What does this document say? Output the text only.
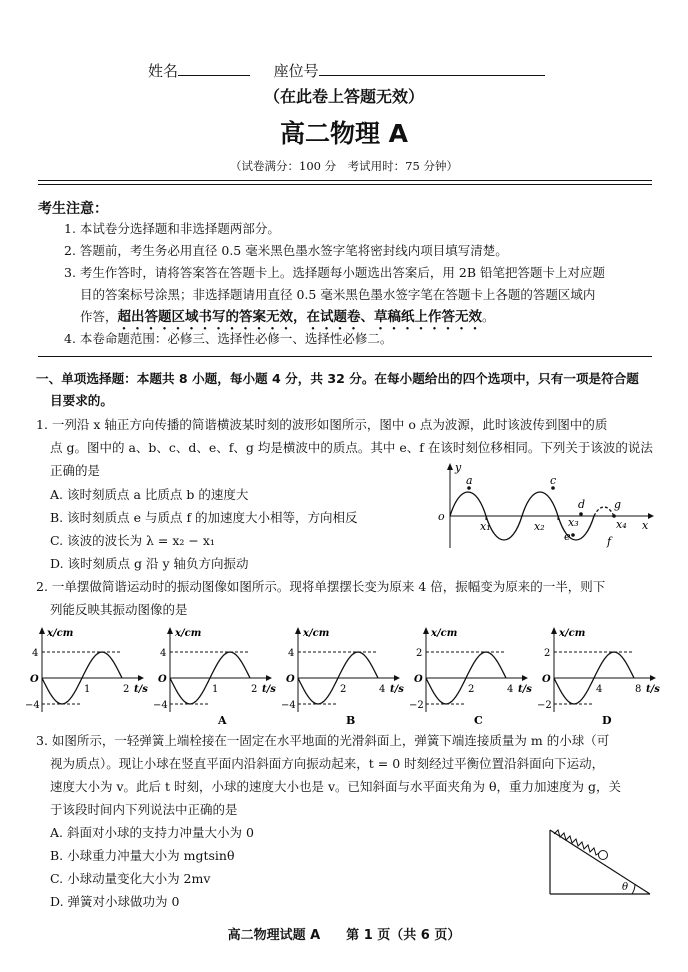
姓名	座位号
（在此卷上答题无效）
高二物理 A
（试卷满分：100 分　考试用时：75 分钟）
考生注意：
1. 本试卷分选择题和非选择题两部分。
2. 答题前，考生务必用直径 0.5 毫米黑色墨水签字笔将密封线内项目填写清楚。
3. 考生作答时，请将答案答在答题卡上。选择题每小题选出答案后，用 2B 铅笔把答题卡上对应题
目的答案标号涂黑；非选择题请用直径 0.5 毫米黑色墨水签字笔在答题卡上各题的答题区域内
作答，超出答题区域书写的答案无效，在试题卷、草稿纸上作答无效。
4. 本卷命题范围：必修三、选择性必修一、选择性必修二。
一、单项选择题：本题共 8 小题，每小题 4 分，共 32 分。在每小题给出的四个选项中，只有一项是符合题
目要求的。
1. 一列沿 x 轴正方向传播的简谐横波某时刻的波形如图所示，图中 o 点为波源，此时该波传到图中的质
点 g。图中的 a、b、c、d、e、f、g 均是横波中的质点。其中 e、f 在该时刻位移相同。下列关于该波的说法
正确的是
A. 该时刻质点 a 比质点 b 的速度大
B. 该时刻质点 e 与质点 f 的加速度大小相等，方向相反
C. 该波的波长为 λ = x₂ − x₁
D. 该时刻质点 g 沿 y 轴负方向振动
y
x
o
a	c
d
e	f
g
x₁	x₂ x₃	x₄
2. 一单摆做简谐运动时的振动图像如图所示。现将单摆摆长变为原来 4 倍，振幅变为原来的一半，则下
列能反映其振动图像的是
x/cm
t/s
O
4
−4
1	2
x/cm
t/s
O
4
−4
1	2
A
x/cm
t/s
O
4
−4
2	4
B
x/cm
t/s
O
2
−2
2	4
C
x/cm
t/s
O
2
−2
4	8
D
3. 如图所示，一轻弹簧上端栓接在一固定在水平地面的光滑斜面上，弹簧下端连接质量为 m 的小球（可
视为质点）。现让小球在竖直平面内沿斜面方向振动起来，t = 0 时刻经过平衡位置沿斜面向下运动，
速度大小为 v。此后 t 时刻，小球的速度大小也是 v。已知斜面与水平面夹角为 θ，重力加速度为 g，关
于该段时间内下列说法中正确的是
A. 斜面对小球的支持力冲量大小为 0
B. 小球重力冲量大小为 mgtsinθ
C. 小球动量变化大小为 2mv
D. 弹簧对小球做功为 0
θ
高二物理试题 A　　第 1 页（共 6 页）
